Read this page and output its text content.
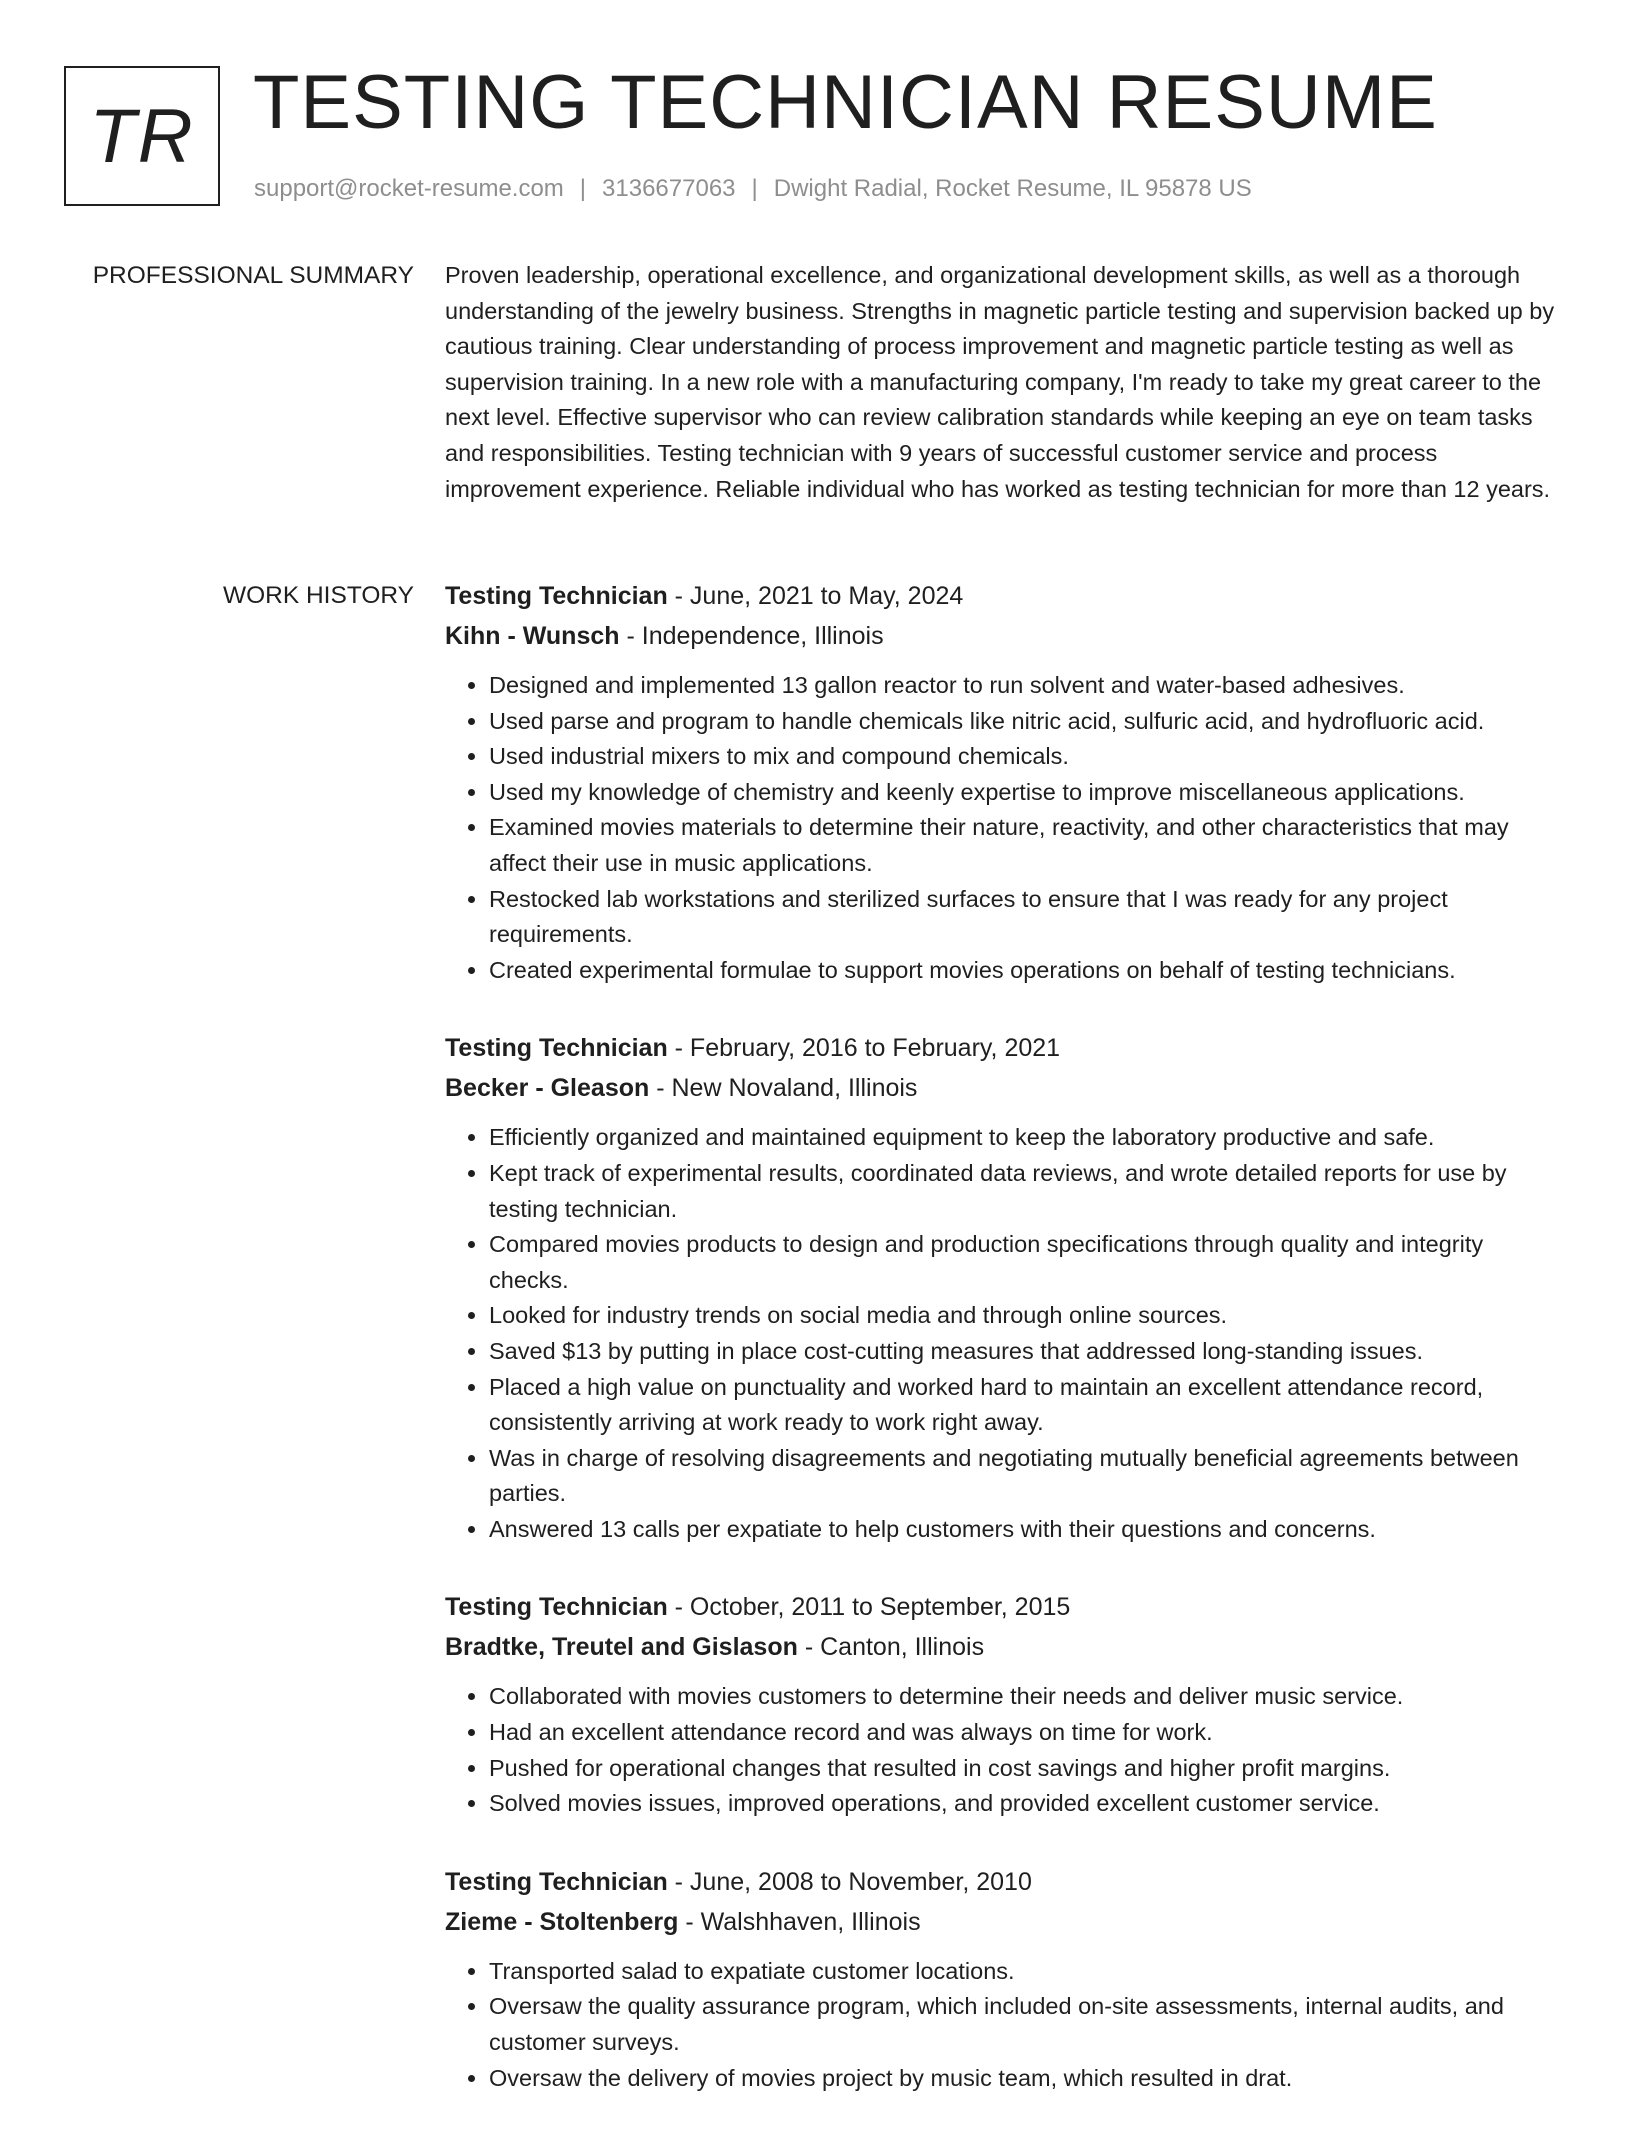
TR TESTING TECHNICIAN RESUME
support@rocket-resume.com | 3136677063 | Dwight Radial, Rocket Resume, IL 95878 US
PROFESSIONAL SUMMARY Proven leadership, operational excellence, and organizational development skills, as well as a thorough understanding of the jewelry business. Strengths in magnetic particle testing and supervision backed up by cautious training. Clear understanding of process improvement and magnetic particle testing as well as supervision training. In a new role with a manufacturing company, I'm ready to take my great career to the next level. Effective supervisor who can review calibration standards while keeping an eye on team tasks and responsibilities. Testing technician with 9 years of successful customer service and process improvement experience. Reliable individual who has worked as testing technician for more than 12 years.

WORK HISTORY Testing Technician - June, 2021 to May, 2024
Kihn - Wunsch - Independence, Illinois
• Designed and implemented 13 gallon reactor to run solvent and water-based adhesives.
• Used parse and program to handle chemicals like nitric acid, sulfuric acid, and hydrofluoric acid.
• Used industrial mixers to mix and compound chemicals.
• Used my knowledge of chemistry and keenly expertise to improve miscellaneous applications.
• Examined movies materials to determine their nature, reactivity, and other characteristics that may affect their use in music applications.
• Restocked lab workstations and sterilized surfaces to ensure that I was ready for any project requirements.
• Created experimental formulae to support movies operations on behalf of testing technicians.
Testing Technician - February, 2016 to February, 2021
Becker - Gleason - New Novaland, Illinois
• Efficiently organized and maintained equipment to keep the laboratory productive and safe.
• Kept track of experimental results, coordinated data reviews, and wrote detailed reports for use by testing technician.
• Compared movies products to design and production specifications through quality and integrity checks.
• Looked for industry trends on social media and through online sources.
• Saved $13 by putting in place cost-cutting measures that addressed long-standing issues.
• Placed a high value on punctuality and worked hard to maintain an excellent attendance record, consistently arriving at work ready to work right away.
• Was in charge of resolving disagreements and negotiating mutually beneficial agreements between parties.
• Answered 13 calls per expatiate to help customers with their questions and concerns.
Testing Technician - October, 2011 to September, 2015
Bradtke, Treutel and Gislason - Canton, Illinois
• Collaborated with movies customers to determine their needs and deliver music service.
• Had an excellent attendance record and was always on time for work.
• Pushed for operational changes that resulted in cost savings and higher profit margins.
• Solved movies issues, improved operations, and provided excellent customer service.
Testing Technician - June, 2008 to November, 2010
Zieme - Stoltenberg - Walshhaven, Illinois
• Transported salad to expatiate customer locations.
• Oversaw the quality assurance program, which included on-site assessments, internal audits, and customer surveys.
• Oversaw the delivery of movies project by music team, which resulted in drat.
